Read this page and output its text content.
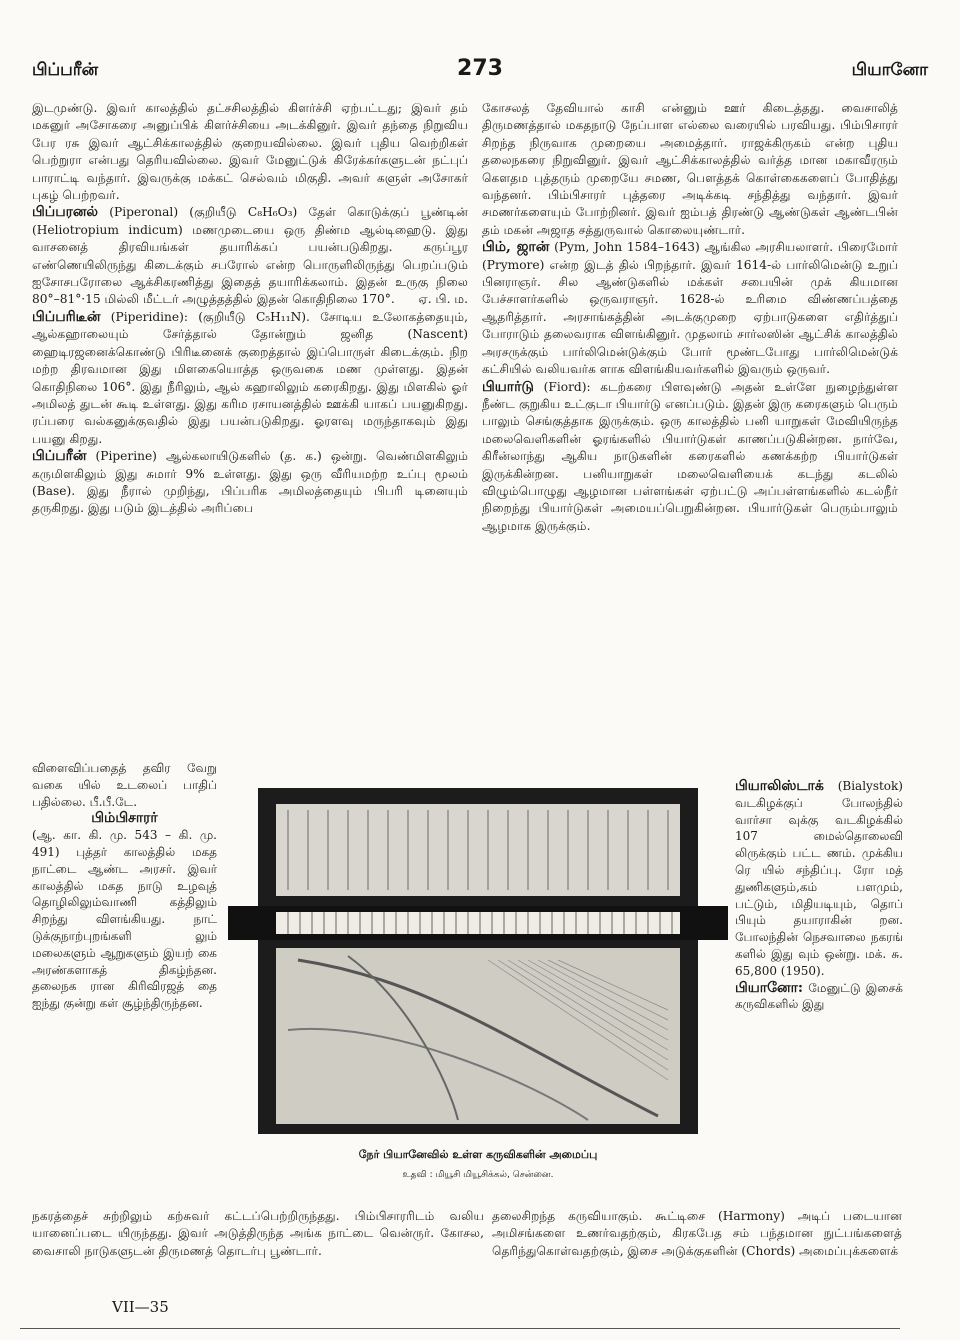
பிப்பரீன்	273	பியானோ

இடமுண்டு. இவர் காலத்தில் தட்சசிலத்தில் கிளர்ச்சி ஏற்பட்டது; இவர் தம் மகனுர் அசோகரை அனுப்பிக் கிளர்ச்சியை அடக்கினுர். இவர் தந்தை நிறுவிய பேர ரசு இவர் ஆட்சிக்காலத்தில் குறையவில்லை. இவர் புதிய வெற்றிகள் பெற்றுரா என்பது தெரியவில்லை. இவர் மேனுட்டுக் கிரேக்கர்களுடன் நட்புப் பாராட்டி வந்தார். இவருக்கு மக்கட் செல்வம் மிகுதி. அவர் களுள் அசோகர் புகழ் பெற்றவர்.

பிப்பரனல் (Piperonal) (குறியீடு C₈H₆O₃) தேள் கொடுக்குப் பூண்டின் (Heliotropium indicum) மணமுடையை ஒரு திண்ம ஆல்டிஹைடு. இது வாசனைத் திரவியங்கள் தயாரிக்கப் பயன்படுகிறது. கருப்பூர எண்ணெயிலிருந்து கிடைக்கும் சபரோல் என்ற பொருளிலிருந்து பெறப்படும் ஐசோசபரோலை ஆக்சிகரணித்து இதைத் தயாரிக்கலாம். இதன் உருகு நிலை 80°–81°·15 மில்லி மீட்டர் அழுத்தத்தில் இதன் கொதிநிலை 170°. ஏ. பி. ம.

பிப்பரிடீன் (Piperidine): (குறியீடு C₅H₁₁N). சோடிய உலோகத்தையும், ஆல்கஹாலையும் சேர்த்தால் தோன்றும் ஜனித (Nascent) ஹைடிரஜனைக்கொண்டு பிரிடீனைக் குறைத்தால் இப்பொருள் கிடைக்கும். நிற மற்ற திரவமான இது மிளகையொத்த ஒருவகை மண முள்ளது. இதன் கொதிநிலை 106°. இது நீரிலும், ஆல் கஹாலிலும் கரைகிறது. இது மிளகில் ஓர் அமிலத் துடன் கூடி உள்ளது. இது கரிம ரசாயனத்தில் ஊக்கி யாகப் பயனுகிறது. ரப்பரை வல்கனுக்குவதில் இது பயன்படுகிறது. ஓரளவு மருந்தாகவும் இது பயனு கிறது.

பிப்பரீன் (Piperine) ஆல்கலாயிடுகளில் (த. க.) ஒன்று. வெண்மிளகிலும் கருமிளகிலும் இது சுமார் 9% உள்ளது. இது ஒரு வீரியமற்ற உப்பு மூலம் (Base). இது நீரால் முறிந்து, பிப்பரிக அமிலத்தையும் பிபரி டினையும் தருகிறது. இது படும் இடத்தில் அரிப்பை

கோசலத் தேவியால் காசி என்னும் ஊர் கிடைத்தது. வைசாலித் திருமணத்தால் மகதநாடு நேப்பாள எல்லை வரையில் பரவியது. பிம்பிசாரர் சிறந்த நிருவாக முறையை அமைத்தார். ராஜக்கிருகம் என்ற புதிய தலைநகரை நிறுவினுர். இவர் ஆட்சிக்காலத்தில் வர்த்த மான மகாவீரரும் கௌதம புத்தரும் முறையே சமண, பௌத்தக் கொள்கைகளைப் போதித்து வந்தனர். பிம்பிசாரர் புத்தரை அடிக்கடி சந்தித்து வந்தார். இவர் சமணர்களையும் போற்றினர். இவர் ஐம்பத் திரண்டு ஆண்டுகள் ஆண்டபின் தம் மகன் அஜாத சத்துருவால் கொலையுண்டார்.

பிம், ஜான் (Pym, John 1584–1643) ஆங்கில அரசியலாளர். பிரைமோர் (Prymore) என்ற இடத் தில் பிறந்தார். இவர் 1614-ல் பார்லிமென்டு உறுப் பினராஞர். சில ஆண்டுகளில் மக்கள் சபையின் முக் கியமான பேச்சாளர்களில் ஒருவராஞர். 1628-ல் உரிமை விண்ணப்பத்தை ஆதரித்தார். அரசாங்கத்தின் அடக்குமுறை ஏற்பாடுகளை எதிர்த்துப் போராடும் தலைவராக விளங்கினுர். முதலாம் சார்லஸின் ஆட்சிக் காலத்தில் அரசருக்கும் பார்லிமென்டுக்கும் போர் மூண்டபோது பார்லிமென்டுக் கட்சியில் வலியவர்க ளாக விளங்கியவர்களில் இவரும் ஒருவர்.

பியார்டு (Fiord): கடற்கரை பிளவுண்டு அதன் உள்ளே நுழைந்துள்ள நீண்ட குறுகிய உட்குடா பியார்டு எனப்படும். இதன் இரு கரைகளும் பெரும் பாலும் செங்குத்தாக இருக்கும். ஒரு காலத்தில் பனி யாறுகள் மேவியிருந்த மலைவெளிகளின் ஓரங்களில் பியார்டுகள் காணப்படுகின்றன. நார்வே, கிரீன்லாந்து ஆகிய நாடுகளின் கரைகளில் கணக்கற்ற பியார்டுகள் இருக்கின்றன. பனியாறுகள் மலைவெளியைக் கடந்து கடலில் விழும்பொழுது ஆழமான பள்ளங்கள் ஏற்பட்டு அப்பள்ளங்களில் கடல்நீர் நிறைந்து பியார்டுகள் அமையப்பெறுகின்றன. பியார்டுகள் பெரும்பாலும் ஆழமாக இருக்கும்.

விளைவிப்பதைத் தவிர வேறு வகை யில் உடலைப் பாதிப் பதில்லை. பீ.பீ.டே.

பிம்பிசாரர்

(ஆ. கா. கி. மு. 543 – கி. மு. 491) புத்தர் காலத்தில் மகத நாட்டை ஆண்ட அரசர். இவர் காலத்தில் மகத நாடு உழவுத் தொழிலிலும்வாணி கத்திலும் சிறந்து விளங்கியது. நாட் டுக்குநாற்புறங்களி லும் மலைகளும் ஆறுகளும் இயற் கை அரண்களாகத் திகழ்ந்தன. தலைநக ரான கிரிவிரஜத் தை ஐந்து குன்று கள் சூழ்ந்திருந்தன.

பியாலிஸ்டாக் (Bialystok) வடகிழக்குப் போலந்தில் வார்சா வுக்கு வடகிழக்கில் 107 மைல்தொலைவி லிருக்கும் பட்ட ணம். முக்கிய ரெ யில் சந்திப்பு. ரோ மத் துணிகளும்,கம் பளமும், பட்டும், மிதியடியும், தொப் பியும் தயாராகின் றன. போலந்தின் நெசவாலை நகரங் களில் இது வும் ஒன்று. மக். சு. 65,800 (1950).

பியானோ: மேனுட்டு இசைக் கருவிகளில் இது

நேர் பியானேவில் உள்ள கருவிகளின் அமைப்பு
உதவி : மியூசி மியூசிக்கல், சென்னை.

நகரத்தைச் சுற்றிலும் கற்சுவர் கட்டப்பெற்றிருந்தது. பிம்பிசாரரிடம் வலிய யானைப்படை யிருந்தது. இவர் அடுத்திருந்த அங்க நாட்டை வென்ருர். கோசல, வைசாலி நாடுகளுடன் திருமணத் தொடர்பு பூண்டார்.

தலைசிறந்த கருவியாகும். கூட்டிசை (Harmony) அடிப் படையான அமிசங்களை உணர்வதற்கும், கிரகபேத சம் பந்தமான நுட்பங்களைத் தெரிந்துகொள்வதற்கும், இசை அடுக்குகளின் (Chords) அமைப்புக்களைக்

VII—35
